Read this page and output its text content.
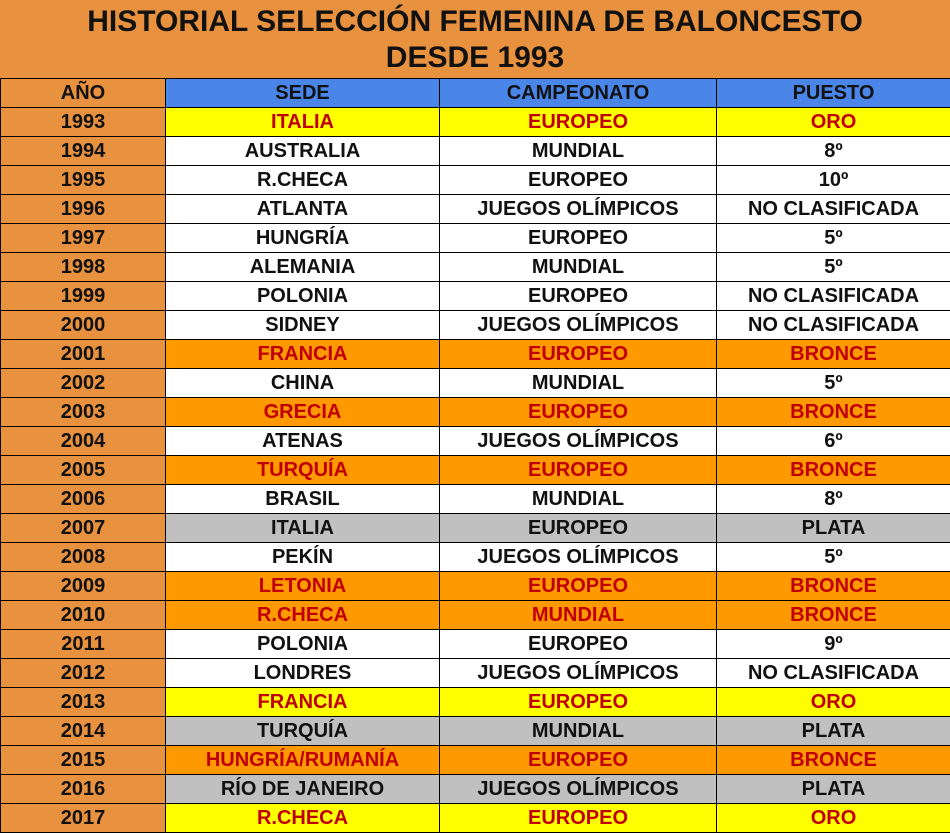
HISTORIAL SELECCIÓN FEMENINA DE BALONCESTO
DESDE 1993
AÑO	SEDE	CAMPEONATO	PUESTO
1993	ITALIA	EUROPEO	ORO
1994	AUSTRALIA	MUNDIAL	8º
1995	R.CHECA	EUROPEO	10º
1996	ATLANTA	JUEGOS OLÍMPICOS	NO CLASIFICADA
1997	HUNGRÍA	EUROPEO	5º
1998	ALEMANIA	MUNDIAL	5º
1999	POLONIA	EUROPEO	NO CLASIFICADA
2000	SIDNEY	JUEGOS OLÍMPICOS	NO CLASIFICADA
2001	FRANCIA	EUROPEO	BRONCE
2002	CHINA	MUNDIAL	5º
2003	GRECIA	EUROPEO	BRONCE
2004	ATENAS	JUEGOS OLÍMPICOS	6º
2005	TURQUÍA	EUROPEO	BRONCE
2006	BRASIL	MUNDIAL	8º
2007	ITALIA	EUROPEO	PLATA
2008	PEKÍN	JUEGOS OLÍMPICOS	5º
2009	LETONIA	EUROPEO	BRONCE
2010	R.CHECA	MUNDIAL	BRONCE
2011	POLONIA	EUROPEO	9º
2012	LONDRES	JUEGOS OLÍMPICOS	NO CLASIFICADA
2013	FRANCIA	EUROPEO	ORO
2014	TURQUÍA	MUNDIAL	PLATA
2015	HUNGRÍA/RUMANÍA	EUROPEO	BRONCE
2016	RÍO DE JANEIRO	JUEGOS OLÍMPICOS	PLATA
2017	R.CHECA	EUROPEO	ORO
